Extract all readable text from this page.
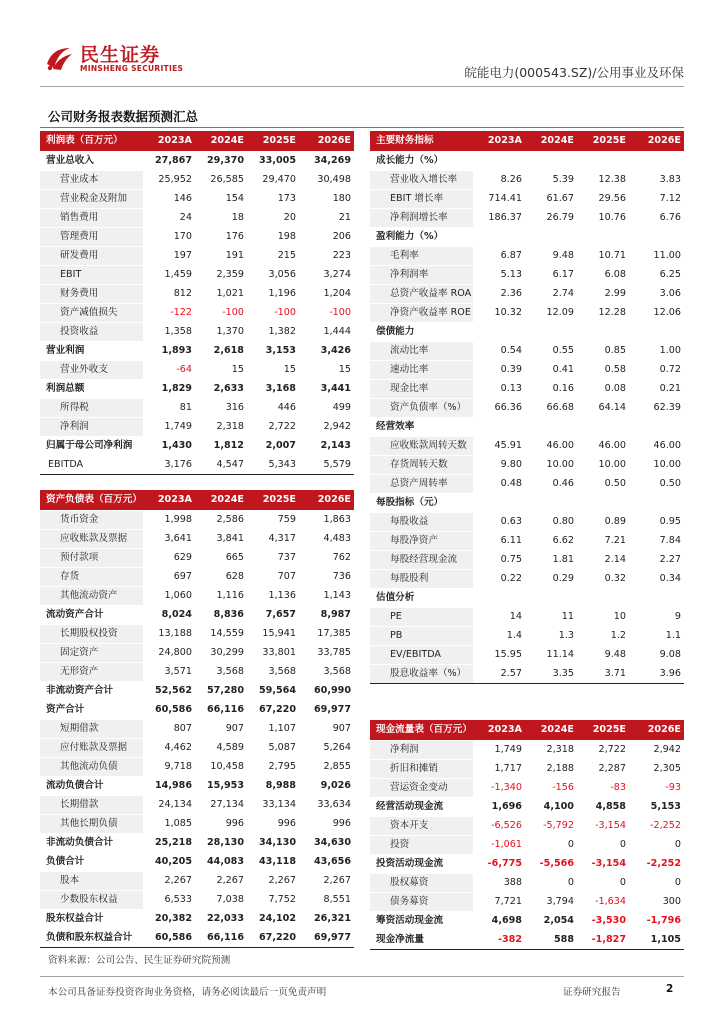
民生证券
MINSHENG SECURITIES	皖能电力(000543.SZ)/公用事业及环保
公司财务报表数据预测汇总
利润表（百万元）	2023A	2024E	2025E	2026E
营业总收入	27,867	29,370	33,005	34,269
营业成本	25,952	26,585	29,470	30,498
营业税金及附加	146	154	173	180
销售费用	24	18	20	21
管理费用	170	176	198	206
研发费用	197	191	215	223
EBIT	1,459	2,359	3,056	3,274
财务费用	812	1,021	1,196	1,204
资产减值损失	-122	-100	-100	-100
投资收益	1,358	1,370	1,382	1,444
营业利润	1,893	2,618	3,153	3,426
营业外收支	-64	15	15	15
利润总额	1,829	2,633	3,168	3,441
所得税	81	316	446	499
净利润	1,749	2,318	2,722	2,942
归属于母公司净利润	1,430	1,812	2,007	2,143
EBITDA	3,176	4,547	5,343	5,579
资产负债表（百万元）	2023A	2024E	2025E	2026E
货币资金	1,998	2,586	759	1,863
应收账款及票据	3,641	3,841	4,317	4,483
预付款项	629	665	737	762
存货	697	628	707	736
其他流动资产	1,060	1,116	1,136	1,143
流动资产合计	8,024	8,836	7,657	8,987
长期股权投资	13,188	14,559	15,941	17,385
固定资产	24,800	30,299	33,801	33,785
无形资产	3,571	3,568	3,568	3,568
非流动资产合计	52,562	57,280	59,564	60,990
资产合计	60,586	66,116	67,220	69,977
短期借款	807	907	1,107	907
应付账款及票据	4,462	4,589	5,087	5,264
其他流动负债	9,718	10,458	2,795	2,855
流动负债合计	14,986	15,953	8,988	9,026
长期借款	24,134	27,134	33,134	33,634
其他长期负债	1,085	996	996	996
非流动负债合计	25,218	28,130	34,130	34,630
负债合计	40,205	44,083	43,118	43,656
股本	2,267	2,267	2,267	2,267
少数股东权益	6,533	7,038	7,752	8,551
股东权益合计	20,382	22,033	24,102	26,321
负债和股东权益合计	60,586	66,116	67,220	69,977
主要财务指标	2023A	2024E	2025E	2026E
成长能力（%）				
营业收入增长率	8.26	5.39	12.38	3.83
EBIT 增长率	714.41	61.67	29.56	7.12
净利润增长率	186.37	26.79	10.76	6.76
盈利能力（%）				
毛利率	6.87	9.48	10.71	11.00
净利润率	5.13	6.17	6.08	6.25
总资产收益率 ROA	2.36	2.74	2.99	3.06
净资产收益率 ROE	10.32	12.09	12.28	12.06
偿债能力				
流动比率	0.54	0.55	0.85	1.00
速动比率	0.39	0.41	0.58	0.72
现金比率	0.13	0.16	0.08	0.21
资产负债率（%）	66.36	66.68	64.14	62.39
经营效率				
应收账款周转天数	45.91	46.00	46.00	46.00
存货周转天数	9.80	10.00	10.00	10.00
总资产周转率	0.48	0.46	0.50	0.50
每股指标（元）				
每股收益	0.63	0.80	0.89	0.95
每股净资产	6.11	6.62	7.21	7.84
每股经营现金流	0.75	1.81	2.14	2.27
每股股利	0.22	0.29	0.32	0.34
估值分析				
PE	14	11	10	9
PB	1.4	1.3	1.2	1.1
EV/EBITDA	15.95	11.14	9.48	9.08
股息收益率（%）	2.57	3.35	3.71	3.96
现金流量表（百万元）	2023A	2024E	2025E	2026E
净利润	1,749	2,318	2,722	2,942
折旧和摊销	1,717	2,188	2,287	2,305
营运资金变动	-1,340	-156	-83	-93
经营活动现金流	1,696	4,100	4,858	5,153
资本开支	-6,526	-5,792	-3,154	-2,252
投资	-1,061	0	0	0
投资活动现金流	-6,775	-5,566	-3,154	-2,252
股权募资	388	0	0	0
债务募资	7,721	3,794	-1,634	300
筹资活动现金流	4,698	2,054	-3,530	-1,796
现金净流量	-382	588	-1,827	1,105
资料来源：公司公告、民生证券研究院预测
本公司具备证券投资咨询业务资格，请务必阅读最后一页免责声明	证券研究报告	2
